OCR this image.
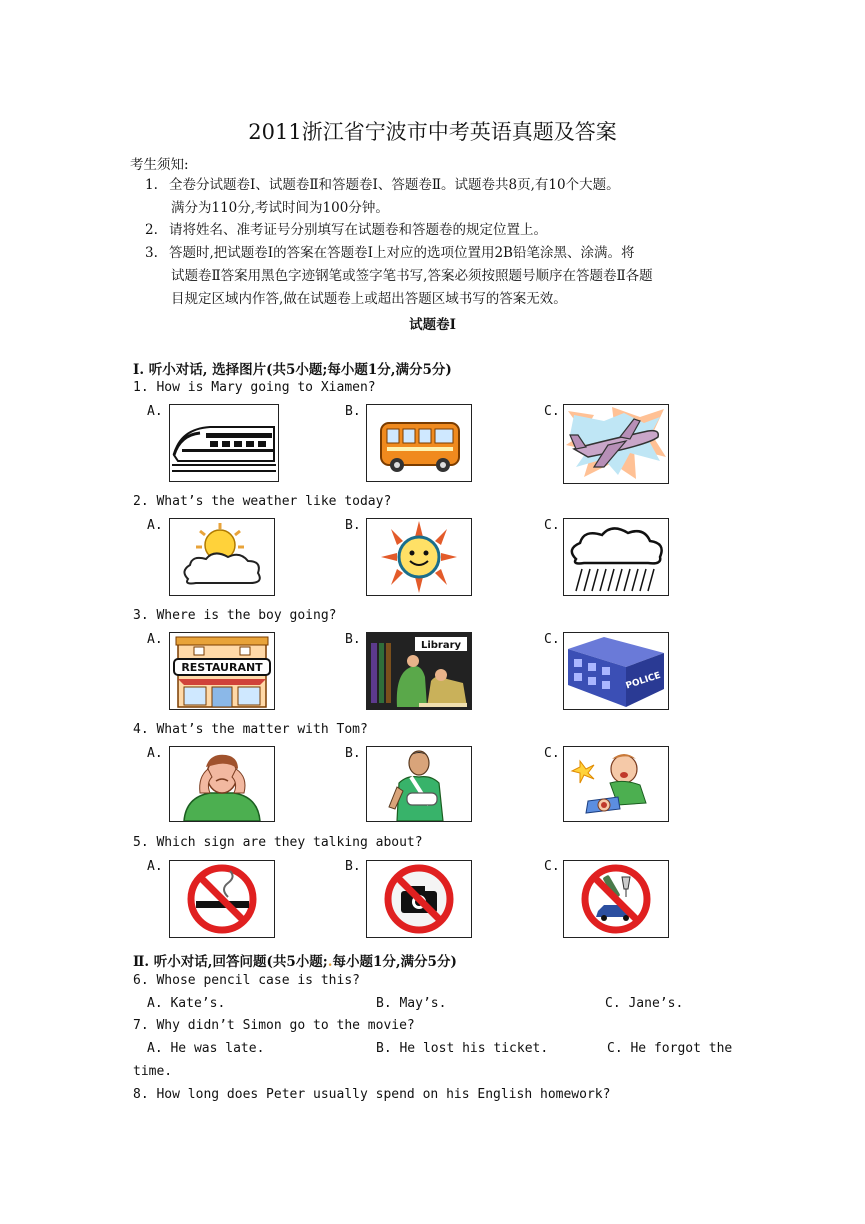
2011浙江省宁波市中考英语真题及答案
考生须知:
1. 全卷分试题卷Ⅰ、试题卷Ⅱ和答题卷Ⅰ、答题卷Ⅱ。试题卷共8页,有10个大题。
满分为110分,考试时间为100分钟。
2. 请将姓名、准考证号分别填写在试题卷和答题卷的规定位置上。
3. 答题时,把试题卷Ⅰ的答案在答题卷Ⅰ上对应的选项位置用2B铅笔涂黑、涂满。将
试题卷Ⅱ答案用黑色字迹钢笔或签字笔书写,答案必须按照题号顺序在答题卷Ⅱ各题
目规定区域内作答,做在试题卷上或超出答题区域书写的答案无效。
试题卷Ⅰ
Ⅰ. 听小对话, 选择图片(共5小题;每小题1分,满分5分)
1. How is Mary going to Xiamen?
A.	B.	C.
2. What’s the weather like today?
A.	B.	C.
3. Where is the boy going?
A.	B.	C.
RESTAURANT
Library
POLICE
4. What’s the matter with Tom?
A.	B.	C.
5. Which sign are they talking about?
A.	B.	C.
Ⅱ. 听小对话,回答问题(共5小题;.每小题1分,满分5分)
6. Whose pencil case is this?
A. Kate’s.	B. May’s.	C. Jane’s.
7. Why didn’t Simon go to the movie?
A. He was late.	B. He lost his ticket.	C. He forgot the
time.
8. How long does Peter usually spend on his English homework?
